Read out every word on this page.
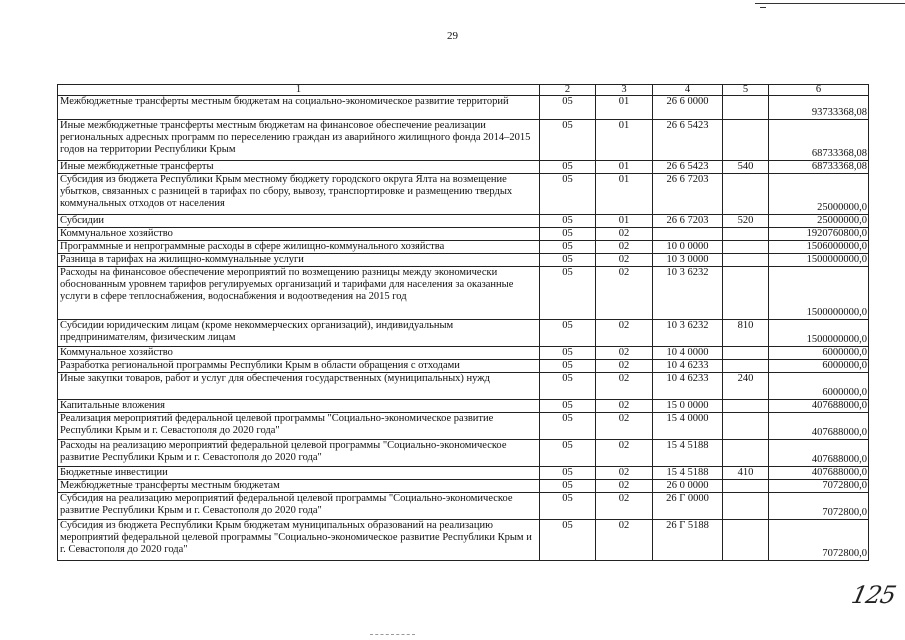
29
1	2	3	4	5	6
Межбюджетные трансферты местным бюджетам на социально-экономическое развитие территорий	05	01	26 6 0000		93733368,08
Иные межбюджетные трансферты местным бюджетам на финансовое обеспечение реализации региональных адресных программ по переселению граждан из аварийного жилищного фонда 2014–2015 годов на территории Республики Крым	05	01	26 6 5423		68733368,08
Иные межбюджетные трансферты	05	01	26 6 5423	540	68733368,08
Субсидия из бюджета Республики Крым местному бюджету городского округа Ялта на возмещение убытков, связанных с разницей в тарифах по сбору, вывозу, транспортировке и размещению твердых коммунальных отходов от населения	05	01	26 6 7203		25000000,0
Субсидии	05	01	26 6 7203	520	25000000,0
Коммунальное хозяйство	05	02			1920760800,0
Программные и непрограммные расходы в сфере жилищно-коммунального хозяйства	05	02	10 0 0000		1506000000,0
Разница в тарифах на жилищно-коммунальные услуги	05	02	10 3 0000		1500000000,0
Расходы на финансовое обеспечение мероприятий по возмещению разницы между экономически обоснованным уровнем тарифов регулируемых организаций и тарифами для населения за оказанные услуги в сфере теплоснабжения, водоснабжения и водоотведения на 2015 год	05	02	10 3 6232		1500000000,0
Субсидии юридическим лицам (кроме некоммерческих организаций), индивидуальным предпринимателям, физическим лицам	05	02	10 3 6232	810	1500000000,0
Коммунальное хозяйство	05	02	10 4 0000		6000000,0
Разработка региональной программы Республики Крым в области обращения с отходами	05	02	10 4 6233		6000000,0
Иные закупки товаров, работ и услуг для обеспечения государственных (муниципальных) нужд	05	02	10 4 6233	240	6000000,0
Капитальные вложения	05	02	15 0 0000		407688000,0
Реализация мероприятий федеральной целевой программы "Социально-экономическое развитие Республики Крым и г. Севастополя до 2020 года"	05	02	15 4 0000		407688000,0
Расходы на реализацию мероприятий федеральной целевой программы "Социально-экономическое развитие Республики Крым и г. Севастополя до 2020 года"	05	02	15 4 5188		407688000,0
Бюджетные инвестиции	05	02	15 4 5188	410	407688000,0
Межбюджетные трансферты местным бюджетам	05	02	26 0 0000		7072800,0
Субсидия на реализацию мероприятий федеральной целевой программы "Социально-экономическое развитие Республики Крым и г. Севастополя до 2020 года"	05	02	26 Г 0000		7072800,0
Субсидия из бюджета Республики Крым бюджетам муниципальных образований на реализацию мероприятий федеральной целевой программы "Социально-экономическое развитие Республики Крым и г. Севастополя до 2020 года"	05	02	26 Г 5188		7072800,0
125
